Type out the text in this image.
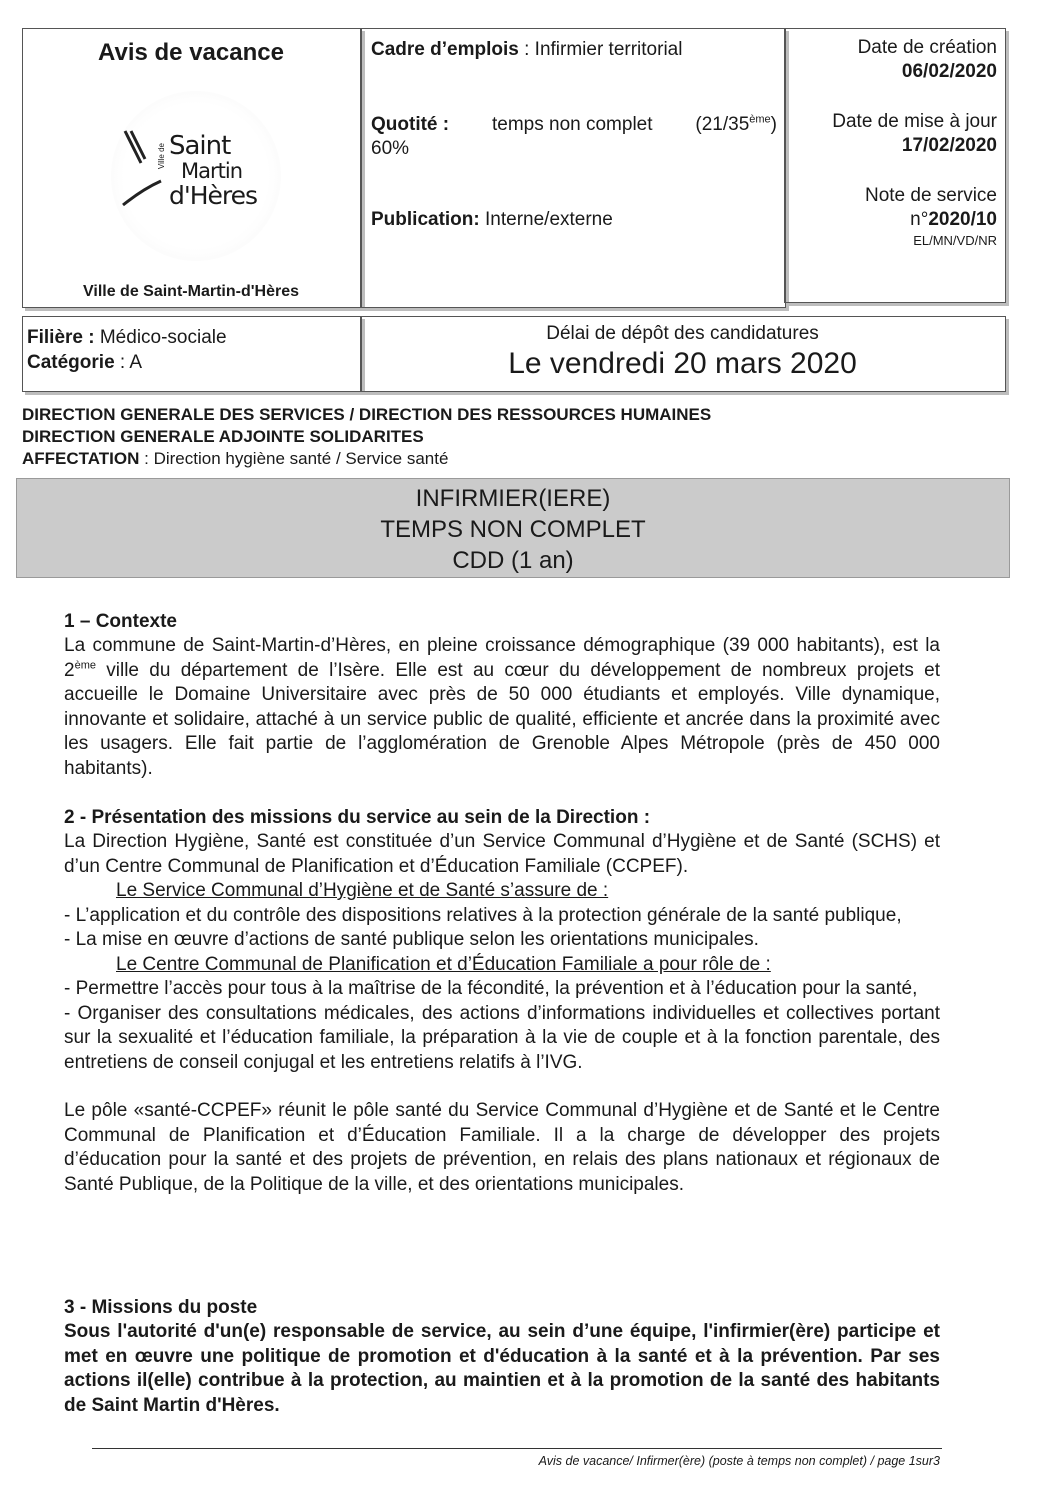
Avis de vacance
Ville de Saint
Martin
d'Hères
Ville de Saint-Martin-d'Hères
Cadre d’emplois : Infirmier territorial
Quotité : temps non complet (21/35ème)
60%
Publication: Interne/externe
Date de création
06/02/2020
Date de mise à jour
17/02/2020
Note de service
n°2020/10
EL/MN/VD/NR
Filière : Médico-sociale
Catégorie : A
Délai de dépôt des candidatures
Le vendredi 20 mars 2020
DIRECTION GENERALE DES SERVICES / DIRECTION DES RESSOURCES HUMAINES
DIRECTION GENERALE ADJOINTE SOLIDARITES
AFFECTATION : Direction hygiène santé / Service santé
INFIRMIER(IERE)
TEMPS NON COMPLET
CDD (1 an)
1 – Contexte
La commune de Saint-Martin-d’Hères, en pleine croissance démographique (39 000 habitants), est la 2ème ville du département de l’Isère. Elle est au cœur du développement de nombreux projets et accueille le Domaine Universitaire avec près de 50 000 étudiants et employés. Ville dynamique, innovante et solidaire, attaché à un service public de qualité, efficiente et ancrée dans la proximité avec les usagers. Elle fait partie de l’agglomération de Grenoble Alpes Métropole (près de 450 000 habitants).
2 - Présentation des missions du service au sein de la Direction :
La Direction Hygiène, Santé est constituée d’un Service Communal d’Hygiène et de Santé (SCHS) et d’un Centre Communal de Planification et d’Éducation Familiale (CCPEF).
Le Service Communal d’Hygiène et de Santé s’assure de :
- L’application et du contrôle des dispositions relatives à la protection générale de la santé publique,
- La mise en œuvre d’actions de santé publique selon les orientations municipales.
Le Centre Communal de Planification et d’Éducation Familiale a pour rôle de :
- Permettre l’accès pour tous à la maîtrise de la fécondité, la prévention et à l’éducation pour la santé,
- Organiser des consultations médicales, des actions d’informations individuelles et collectives portant sur la sexualité et l’éducation familiale, la préparation à la vie de couple et à la fonction parentale, des entretiens de conseil conjugal et les entretiens relatifs à l’IVG.
Le pôle «santé-CCPEF» réunit le pôle santé du Service Communal d’Hygiène et de Santé et le Centre Communal de Planification et d’Éducation Familiale. Il a la charge de développer des projets d’éducation pour la santé et des projets de prévention, en relais des plans nationaux et régionaux de Santé Publique, de la Politique de la ville, et des orientations municipales.
3 - Missions du poste
Sous l'autorité d'un(e) responsable de service, au sein d’une équipe, l'infirmier(ère) participe et met en œuvre une politique de promotion et d'éducation à la santé et à la prévention. Par ses actions il(elle) contribue à la protection, au maintien et à la promotion de la santé des habitants de Saint Martin d'Hères.
Avis de vacance/ Infirmer(ère) (poste à temps non complet) / page 1sur3
